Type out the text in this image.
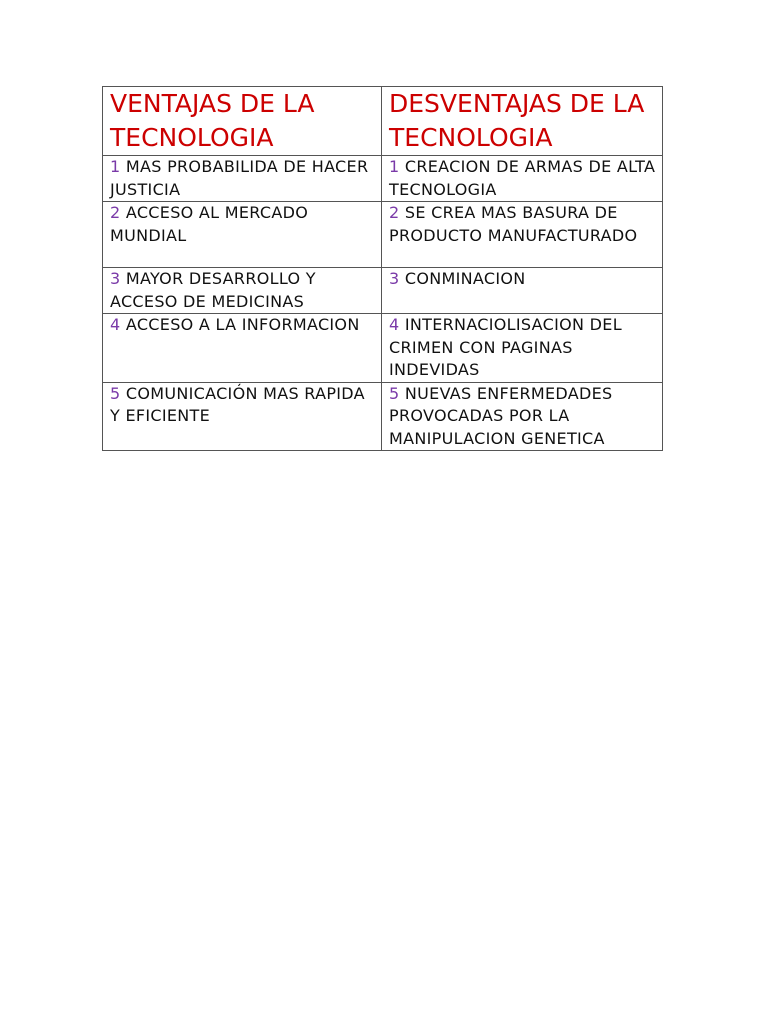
VENTAJAS DE LA TECNOLOGIA	DESVENTAJAS DE LA TECNOLOGIA
1 MAS PROBABILIDA DE HACER JUSTICIA	1 CREACION DE ARMAS DE ALTA TECNOLOGIA
2 ACCESO AL MERCADO MUNDIAL	2 SE CREA MAS BASURA DE PRODUCTO MANUFACTURADO
3 MAYOR DESARROLLO Y ACCESO DE MEDICINAS	3 CONMINACION
4 ACCESO A LA INFORMACION	4 INTERNACIOLISACION DEL CRIMEN CON PAGINAS INDEVIDAS
5 COMUNICACIÓN MAS RAPIDA Y EFICIENTE	5 NUEVAS ENFERMEDADES PROVOCADAS POR LA MANIPULACION GENETICA
